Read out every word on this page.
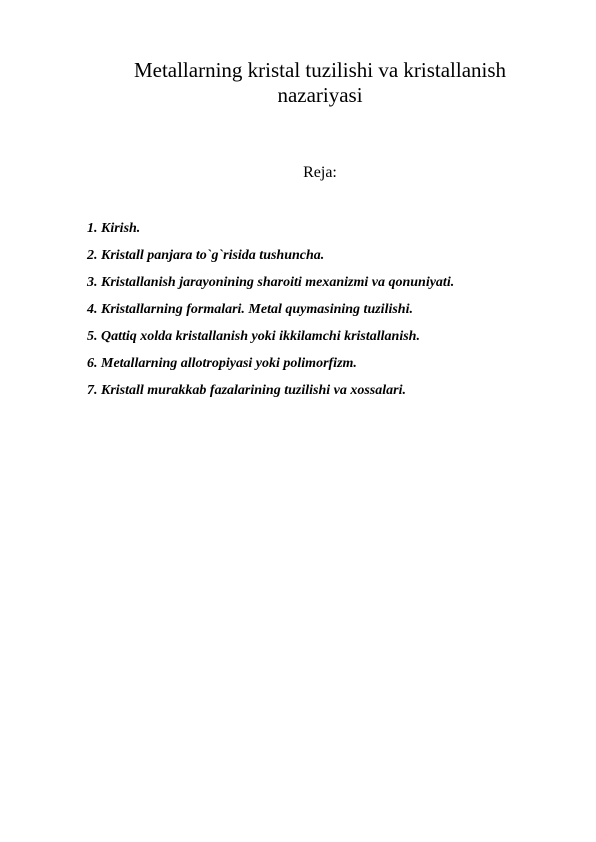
Metallarning kristal tuzilishi va kristallanish nazariyasi

Reja:

1. Kirish.
2. Kristall panjara to`g`risida tushuncha.
3. Kristallanish jarayonining sharoiti mexanizmi va qonuniyati.
4. Kristallarning formalari. Metal quymasining tuzilishi.
5. Qattiq xolda kristallanish yoki ikkilamchi kristallanish.
6. Metallarning allotropiyasi yoki polimorfizm.
7. Kristall murakkab fazalarining tuzilishi va xossalari.
